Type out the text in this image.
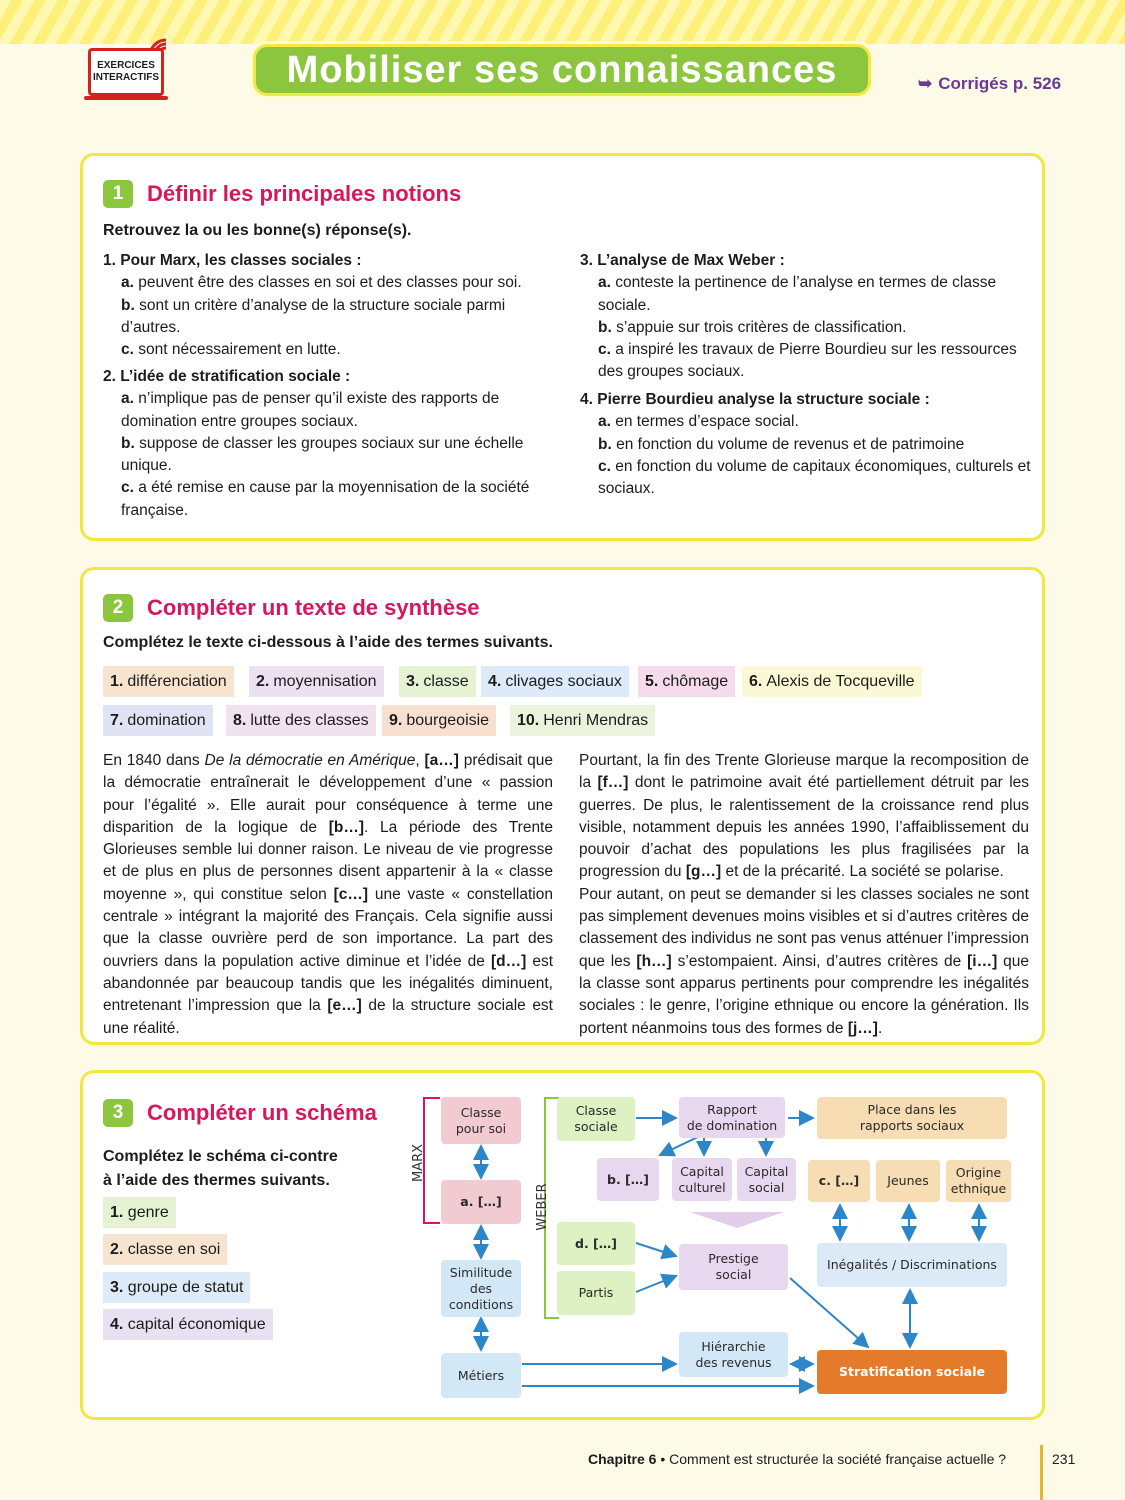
EXERCICES
INTERACTIFS	Mobiliser ses connaissances	➥ Corrigés p. 526
1	Définir les principales notions
Retrouvez la ou les bonne(s) réponse(s).
1. Pour Marx, les classes sociales :
a. peuvent être des classes en soi et des classes pour soi.
b. sont un critère d’analyse de la structure sociale parmi d’autres.
c. sont nécessairement en lutte.
2. L’idée de stratification sociale :
a. n’implique pas de penser qu’il existe des rapports de domination entre groupes sociaux.
b. suppose de classer les groupes sociaux sur une échelle unique.
c. a été remise en cause par la moyennisation de la société française.
3. L’analyse de Max Weber :
a. conteste la pertinence de l’analyse en termes de classe sociale.
b. s’appuie sur trois critères de classification.
c. a inspiré les travaux de Pierre Bourdieu sur les ressources des groupes sociaux.
4. Pierre Bourdieu analyse la structure sociale :
a. en termes d’espace social.
b. en fonction du volume de revenus et de patrimoine
c. en fonction du volume de capitaux économiques, culturels et sociaux.
2	Compléter un texte de synthèse
Complétez le texte ci-dessous à l’aide des termes suivants.
1. différenciation	2. moyennisation	3. classe	4. clivages sociaux	5. chômage	6. Alexis de Tocqueville
7. domination	8. lutte des classes	9. bourgeoisie	10. Henri Mendras
En 1840 dans De la démocratie en Amérique, [a…] prédisait que la démocratie entraînerait le développement d’une « passion pour l’égalité ». Elle aurait pour conséquence à terme une disparition de la logique de [b…]. La période des Trente Glorieuses semble lui donner raison. Le niveau de vie progresse et de plus en plus de personnes disent appartenir à la « classe moyenne », qui constitue selon [c…] une vaste « constellation centrale » intégrant la majorité des Français. Cela signifie aussi que la classe ouvrière perd de son importance. La part des ouvriers dans la population active diminue et l’idée de [d…] est abandonnée par beaucoup tandis que les inégalités diminuent, entretenant l’impression que la [e…] de la structure sociale est une réalité.
Pourtant, la fin des Trente Glorieuse marque la recomposition de la [f…] dont le patrimoine avait été partiellement détruit par les guerres. De plus, le ralentissement de la croissance rend plus visible, notamment depuis les années 1990, l’affaiblissement du pouvoir d’achat des populations les plus fragilisées par la progression du [g…] et de la précarité. La société se polarise.
Pour autant, on peut se demander si les classes sociales ne sont pas simplement devenues moins visibles et si d’autres critères de classement des individus ne sont pas venus atténuer l’impression que les [h…] s’estompaient. Ainsi, d’autres critères de [i…] que la classe sont apparus pertinents pour comprendre les inégalités sociales : le genre, l’origine ethnique ou encore la génération. Ils portent néanmoins tous des formes de [j…].
3	Compléter un schéma
Complétez le schéma ci-contre
à l’aide des thermes suivants.
1. genre
2. classe en soi
3. groupe de statut
4. capital économique
MARX
WEBER
Classe
pour soi
a. […]
Similitude
des
conditions
Métiers
Classe
sociale
Rapport
de domination
Place dans les
rapports sociaux
b. […]
Capital
culturel
Capital
social	c. […]	Jeunes
Origine
ethnique
d. […]
Partis
Prestige
social
Inégalités / Discriminations
Hiérarchie
des revenus
Stratification sociale
Chapitre 6 • Comment est structurée la société française actuelle ?	231
